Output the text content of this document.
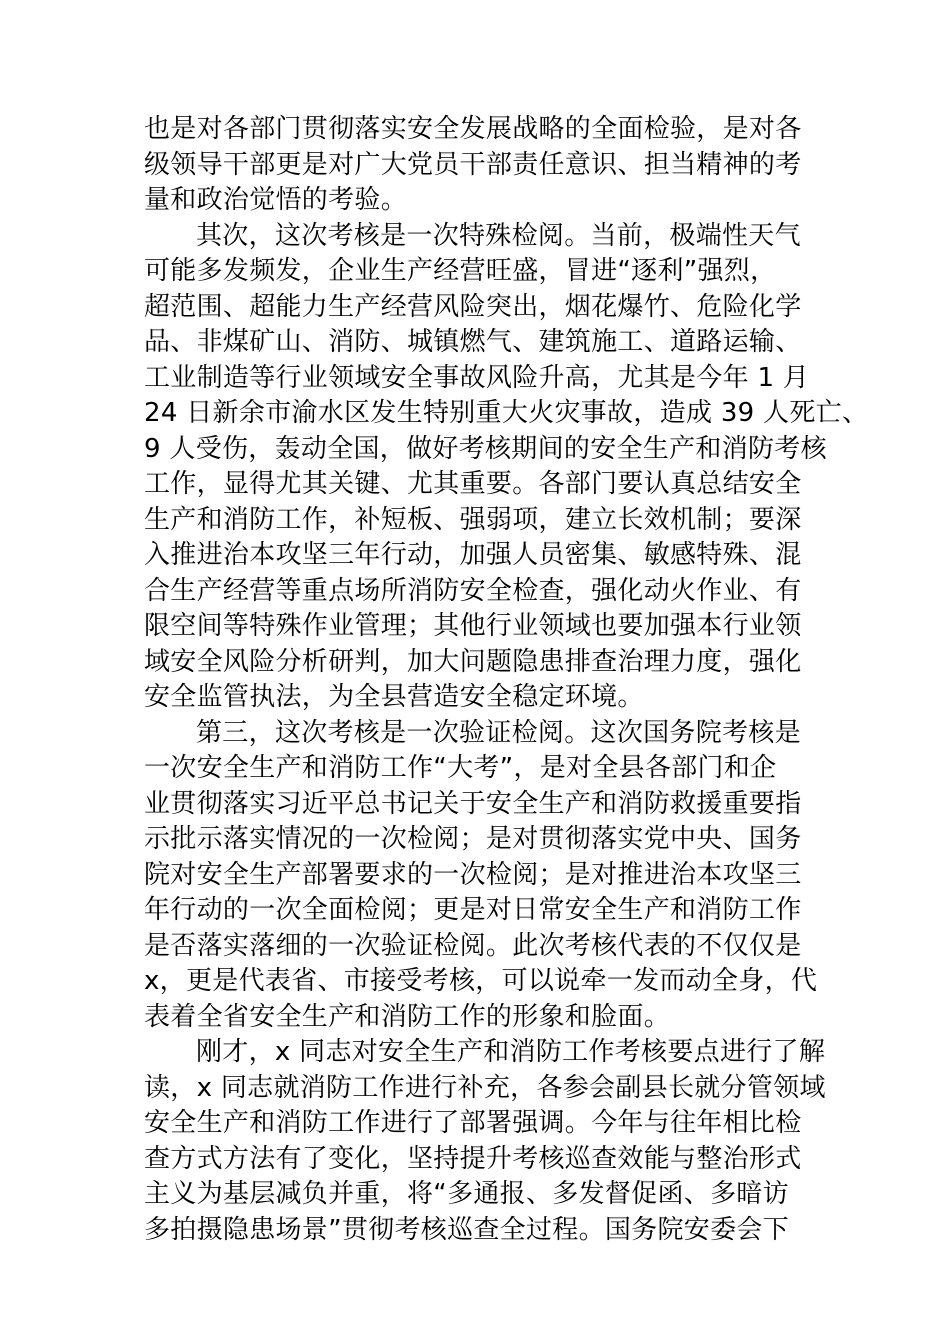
也是对各部门贯彻落实安全发展战略的全面检验，是对各
级领导干部更是对广大党员干部责任意识、担当精神的考
量和政治觉悟的考验。
其次，这次考核是一次特殊检阅。当前，极端性天气
可能多发频发，企业生产经营旺盛，冒进“逐利”强烈，
超范围、超能力生产经营风险突出，烟花爆竹、危险化学
品、非煤矿山、消防、城镇燃气、建筑施工、道路运输、
工业制造等行业领域安全事故风险升高，尤其是今年 1 月
24 日新余市渝水区发生特别重大火灾事故，造成 39 人死亡、
9 人受伤，轰动全国，做好考核期间的安全生产和消防考核
工作，显得尤其关键、尤其重要。各部门要认真总结安全
生产和消防工作，补短板、强弱项，建立长效机制；要深
入推进治本攻坚三年行动，加强人员密集、敏感特殊、混
合生产经营等重点场所消防安全检查，强化动火作业、有
限空间等特殊作业管理；其他行业领域也要加强本行业领
域安全风险分析研判，加大问题隐患排查治理力度，强化
安全监管执法，为全县营造安全稳定环境。
第三，这次考核是一次验证检阅。这次国务院考核是
一次安全生产和消防工作“大考”，是对全县各部门和企
业贯彻落实习近平总书记关于安全生产和消防救援重要指
示批示落实情况的一次检阅；是对贯彻落实党中央、国务
院对安全生产部署要求的一次检阅；是对推进治本攻坚三
年行动的一次全面检阅；更是对日常安全生产和消防工作
是否落实落细的一次验证检阅。此次考核代表的不仅仅是
x，更是代表省、市接受考核，可以说牵一发而动全身，代
表着全省安全生产和消防工作的形象和脸面。
刚才，x 同志对安全生产和消防工作考核要点进行了解
读，x 同志就消防工作进行补充，各参会副县长就分管领域
安全生产和消防工作进行了部署强调。今年与往年相比检
查方式方法有了变化，坚持提升考核巡查效能与整治形式
主义为基层减负并重，将“多通报、多发督促函、多暗访
多拍摄隐患场景”贯彻考核巡查全过程。国务院安委会下
